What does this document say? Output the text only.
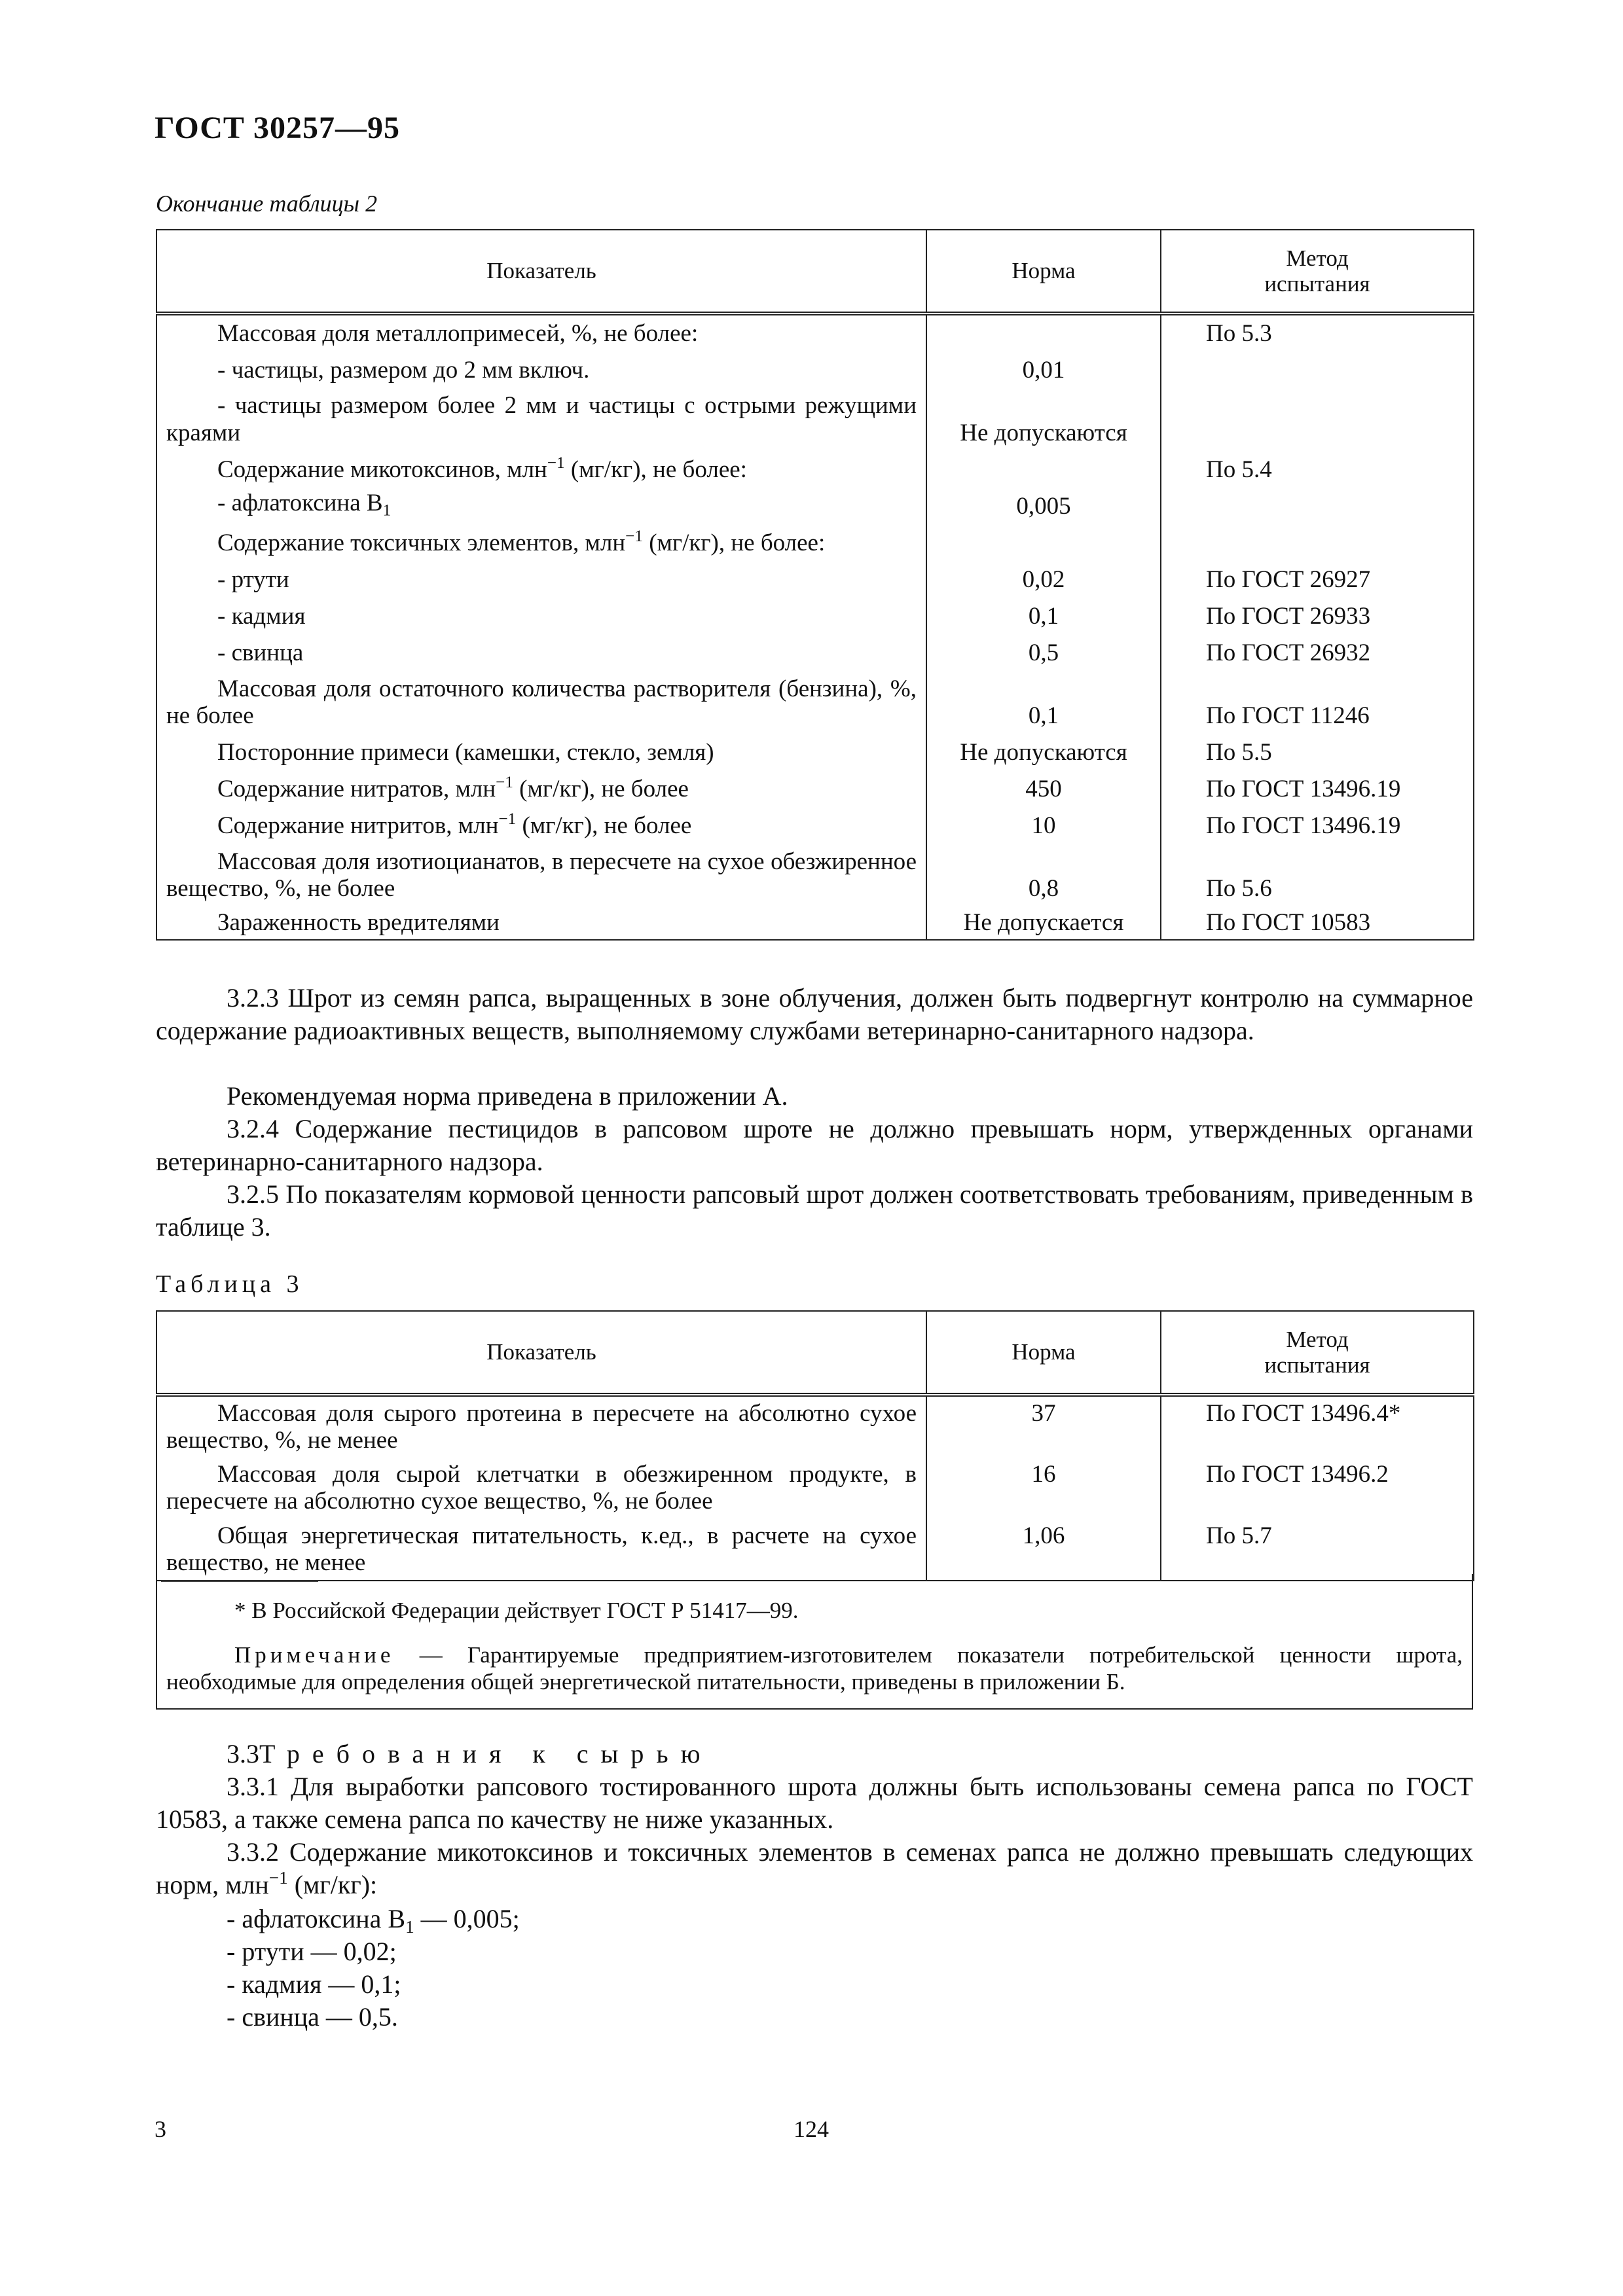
ГОСТ 30257—95
Окончание таблицы 2
Показатель	Норма	Метод
испытания

Массовая доля металлопримесей, %, не более:		По 5.3

- частицы, размером до 2 мм включ.	0,01	

- частицы размером более 2 мм и частицы с острыми режущими краями	Не допускаются	

Содержание микотоксинов, млн$^{-1}$ (мг/кг), не более:		По 5.4

- афлатоксина $В_1$	0,005	

Содержание токсичных элементов, млн$^{-1}$ (мг/кг), не более:		

- ртути	0,02	По ГОСТ 26927

- кадмия	0,1	По ГОСТ 26933

- свинца	0,5	По ГОСТ 26932

Массовая доля остаточного количества растворителя (бензина), %, не более	0,1	По ГОСТ 11246

Посторонние примеси (камешки, стекло, земля)	Не допускаются	По 5.5

Содержание нитратов, млн$^{-1}$ (мг/кг), не более	450	По ГОСТ 13496.19

Содержание нитритов, млн$^{-1}$ (мг/кг), не более	10	По ГОСТ 13496.19

Массовая доля изотиоцианатов, в пересчете на сухое обезжиренное вещество, %, не более	0,8	По 5.6

Зараженность вредителями	Не допускается	По ГОСТ 10583

3.2.3 Шрот из семян рапса, выращенных в зоне облучения, должен быть подвергнут контролю на суммарное содержание радиоактивных веществ, выполняемому службами ветеринарно-санитарного надзора.

Рекомендуемая норма приведена в приложении А.

3.2.4 Содержание пестицидов в рапсовом шроте не должно превышать норм, утвержденных органами ветеринарно-санитарного надзора.

3.2.5 По показателям кормовой ценности рапсовый шрот должен соответствовать требованиям, приведенным в таблице 3.

Таблица 3
Показатель	Норма	Метод
испытания

Массовая доля сырого протеина в пересчете на абсолютно сухое вещество, %, не менее	37	По ГОСТ 13496.4*

Массовая доля сырой клетчатки в обезжиренном продукте, в пересчете на абсолютно сухое вещество, %, не более	16	По ГОСТ 13496.2

Общая энергетическая питательность, к.ед., в расчете на сухое вещество, не менее	1,06	По 5.7
* В Российской Федерации действует ГОСТ Р 51417—99.
Примечание — Гарантируемые предприятием-изготовителем показатели потребительской ценности шрота, необходимые для определения общей энергетической питательности, приведены в приложении Б.
3.3Требования к сырью

3.3.1 Для выработки рапсового тостированного шрота должны быть использованы семена рапса по ГОСТ 10583, а также семена рапса по качеству не ниже указанных.

3.3.2 Содержание микотоксинов и токсичных элементов в семенах рапса не должно превышать следующих норм, млн$^{-1}$ (мг/кг):

- афлатоксина $В_1$ — 0,005;
- ртути — 0,02;
- кадмия — 0,1;
- свинца — 0,5.
3	124
